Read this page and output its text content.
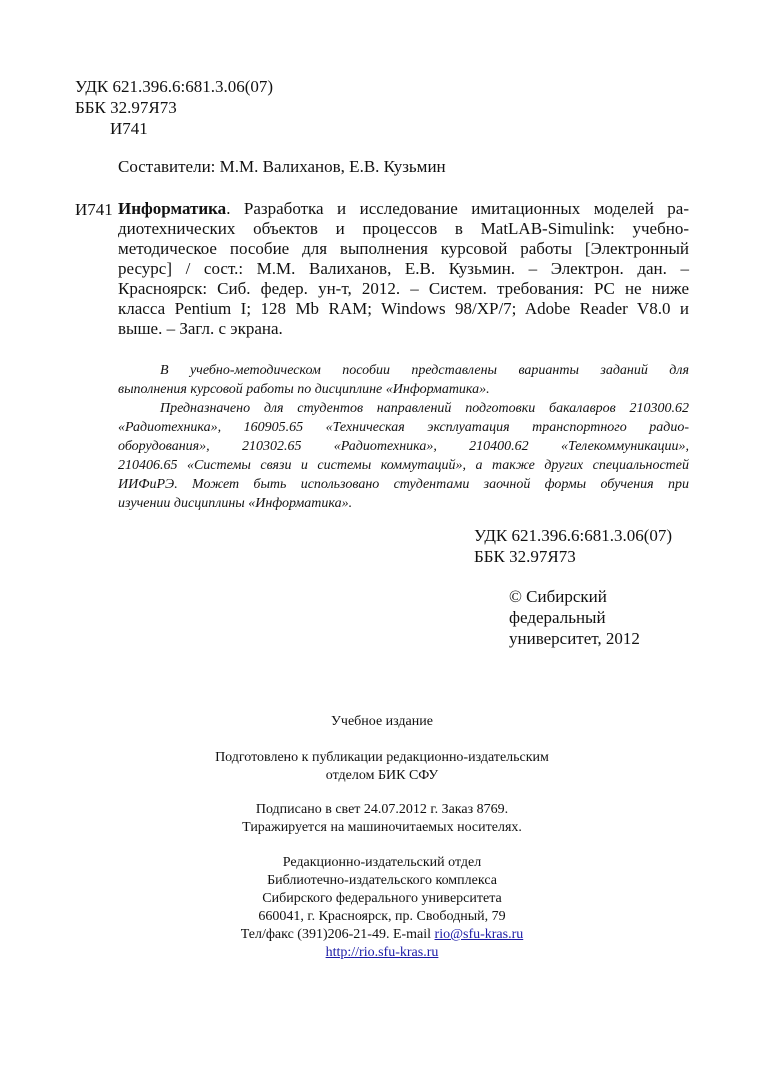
УДК 621.396.6:681.3.06(07)
ББК 32.97Я73
И741
Составители: М.М. Валиханов, Е.В. Кузьмин
И741 Информатика. Разработка и исследование имитационных моделей ра-
диотехнических объектов и процессов в MatLAB-Simulink: учебно-
методическое пособие для выполнения курсовой работы [Электронный
ресурс] / сост.: М.М. Валиханов, Е.В. Кузьмин. – Электрон. дан. –
Красноярск: Сиб. федер. ун-т, 2012. – Систем. требования: PC не ниже
класса Pentium I; 128 Mb RAM; Windows 98/XP/7; Adobe Reader V8.0 и
выше. – Загл. с экрана.
В учебно-методическом пособии представлены варианты заданий для
выполнения курсовой работы по дисциплине «Информатика».
Предназначено для студентов направлений подготовки бакалавров 210300.62
«Радиотехника», 160905.65 «Техническая эксплуатация транспортного радио-
оборудования», 210302.65 «Радиотехника», 210400.62 «Телекоммуникации»,
210406.65 «Системы связи и системы коммутаций», а также других специальностей
ИИФиРЭ. Может быть использовано студентами заочной формы обучения при
изучении дисциплины «Информатика».
УДК 621.396.6:681.3.06(07)
ББК 32.97Я73
© Сибирский
федеральный
университет, 2012
Учебное издание
Подготовлено к публикации редакционно-издательским
отделом БИК СФУ
Подписано в свет 24.07.2012 г. Заказ 8769.
Тиражируется на машиночитаемых носителях.
Редакционно-издательский отдел
Библиотечно-издательского комплекса
Сибирского федерального университета
660041, г. Красноярск, пр. Свободный, 79
Тел/факс (391)206-21-49. E-mail rio@sfu-kras.ru
http://rio.sfu-kras.ru
